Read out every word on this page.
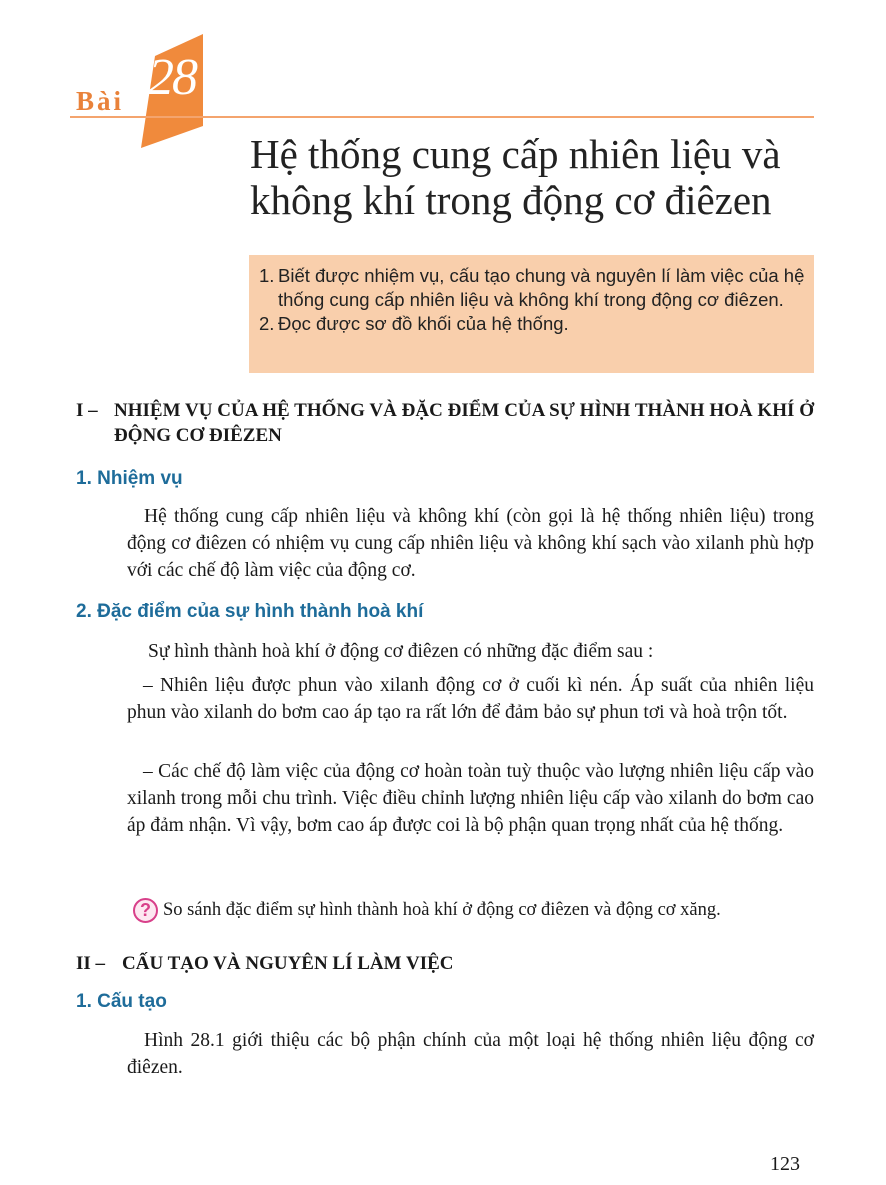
Bài 28
Hệ thống cung cấp nhiên liệu và
không khí trong động cơ điêzen
1. Biết được nhiệm vụ, cấu tạo chung và nguyên lí làm việc của hệ thống cung cấp nhiên liệu và không khí trong động cơ điêzen.
2. Đọc được sơ đồ khối của hệ thống.
I – NHIỆM VỤ CỦA HỆ THỐNG VÀ ĐẶC ĐIỂM CỦA SỰ HÌNH THÀNH HOÀ KHÍ Ở ĐỘNG CƠ ĐIÊZEN
1. Nhiệm vụ
Hệ thống cung cấp nhiên liệu và không khí (còn gọi là hệ thống nhiên liệu) trong động cơ điêzen có nhiệm vụ cung cấp nhiên liệu và không khí sạch vào xilanh phù hợp với các chế độ làm việc của động cơ.
2. Đặc điểm của sự hình thành hoà khí
Sự hình thành hoà khí ở động cơ điêzen có những đặc điểm sau :
– Nhiên liệu được phun vào xilanh động cơ ở cuối kì nén. Áp suất của nhiên liệu phun vào xilanh do bơm cao áp tạo ra rất lớn để đảm bảo sự phun tơi và hoà trộn tốt.
– Các chế độ làm việc của động cơ hoàn toàn tuỳ thuộc vào lượng nhiên liệu cấp vào xilanh trong mỗi chu trình. Việc điều chỉnh lượng nhiên liệu cấp vào xilanh do bơm cao áp đảm nhận. Vì vậy, bơm cao áp được coi là bộ phận quan trọng nhất của hệ thống.
? So sánh đặc điểm sự hình thành hoà khí ở động cơ điêzen và động cơ xăng.
II – CẤU TẠO VÀ NGUYÊN LÍ LÀM VIỆC
1. Cấu tạo
Hình 28.1 giới thiệu các bộ phận chính của một loại hệ thống nhiên liệu động cơ điêzen.
123
